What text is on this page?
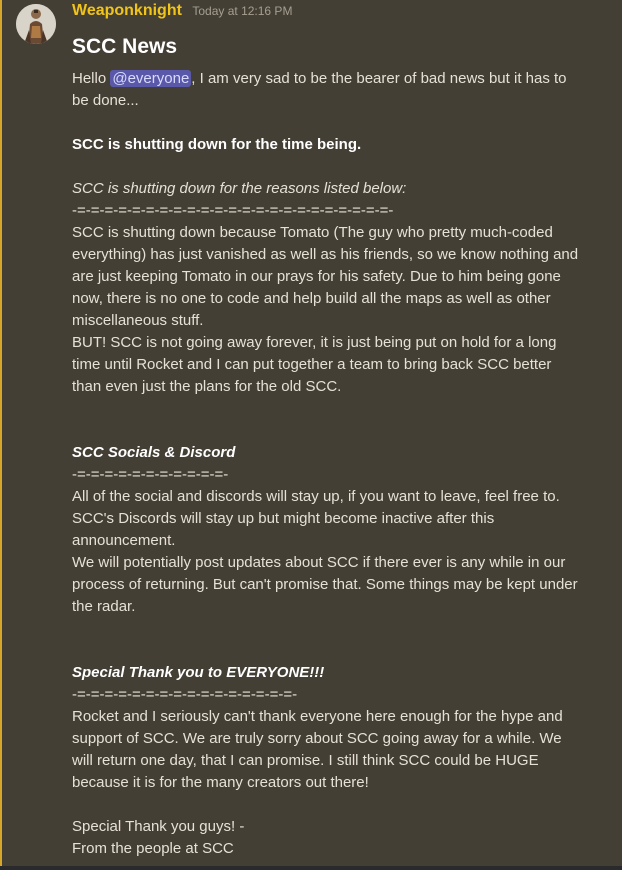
Weaponknight Today at 12:16 PM
SCC News

Hello @everyone , I am very sad to be the bearer of bad news but it has to be done...

SCC is shutting down for the time being.

SCC is shutting down for the reasons listed below:

-=-=-=-=-=-=-=-=-=-=-=-=-=-=-=-=-=-=-=-=-=-=-=-

SCC is shutting down because Tomato (The guy who pretty much-coded everything) has just vanished as well as his friends, so we know nothing and are just keeping Tomato in our prays for his safety. Due to him being gone now, there is no one to code and help build all the maps as well as other miscellaneous stuff.

BUT! SCC is not going away forever, it is just being put on hold for a long time until Rocket and I can put together a team to bring back SCC better than even just the plans for the old SCC.

SCC Socials & Discord

-=-=-=-=-=-=-=-=-=-=-=-

All of the social and discords will stay up, if you want to leave, feel free to.

SCC's Discords will stay up but might become inactive after this announcement.

We will potentially post updates about SCC if there ever is any while in our process of returning. But can't promise that. Some things may be kept under the radar.

Special Thank you to EVERYONE!!!

-=-=-=-=-=-=-=-=-=-=-=-=-=-=-=-=-

Rocket and I seriously can't thank everyone here enough for the hype and support of SCC. We are truly sorry about SCC going away for a while. We will return one day, that I can promise. I still think SCC could be HUGE because it is for the many creators out there!

Special Thank you guys! -

From the people at SCC
